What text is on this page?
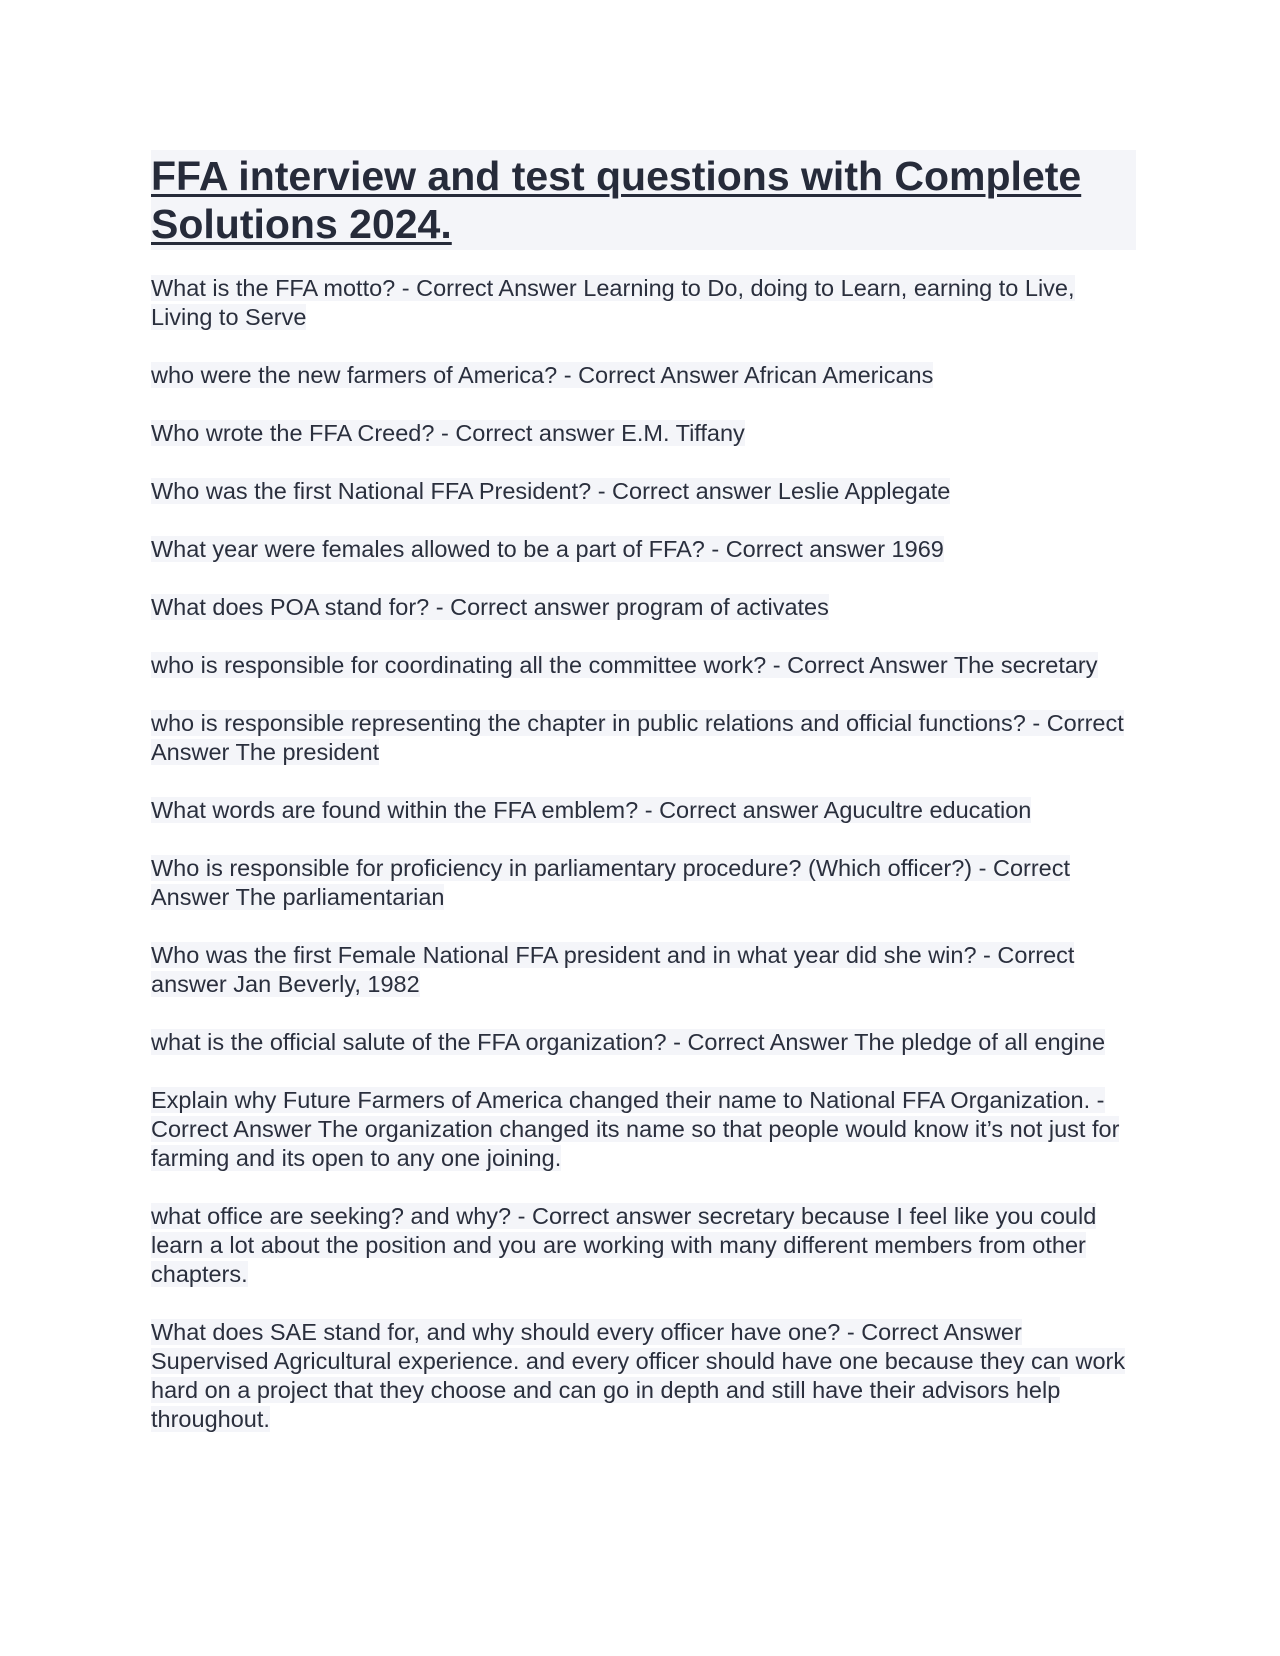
FFA interview and test questions with Complete Solutions 2024.
What is the FFA motto? - Correct Answer Learning to Do, doing to Learn, earning to Live, Living to Serve
who were the new farmers of America? - Correct Answer African Americans
Who wrote the FFA Creed? - Correct answer E.M. Tiffany
Who was the first National FFA President? - Correct answer Leslie Applegate
What year were females allowed to be a part of FFA? - Correct answer 1969
What does POA stand for? - Correct answer program of activates
who is responsible for coordinating all the committee work? - Correct Answer The secretary
who is responsible representing the chapter in public relations and official functions? - Correct Answer The president
What words are found within the FFA emblem? - Correct answer Agucultre education
Who is responsible for proficiency in parliamentary procedure? (Which officer?) - Correct Answer The parliamentarian
Who was the first Female National FFA president and in what year did she win? - Correct answer Jan Beverly, 1982
what is the official salute of the FFA organization? - Correct Answer The pledge of all engine
Explain why Future Farmers of America changed their name to National FFA Organization. - Correct Answer The organization changed its name so that people would know it’s not just for farming and its open to any one joining.
what office are seeking? and why? - Correct answer secretary because I feel like you could learn a lot about the position and you are working with many different members from other chapters.
What does SAE stand for, and why should every officer have one? - Correct Answer Supervised Agricultural experience. and every officer should have one because they can work hard on a project that they choose and can go in depth and still have their advisors help throughout.
